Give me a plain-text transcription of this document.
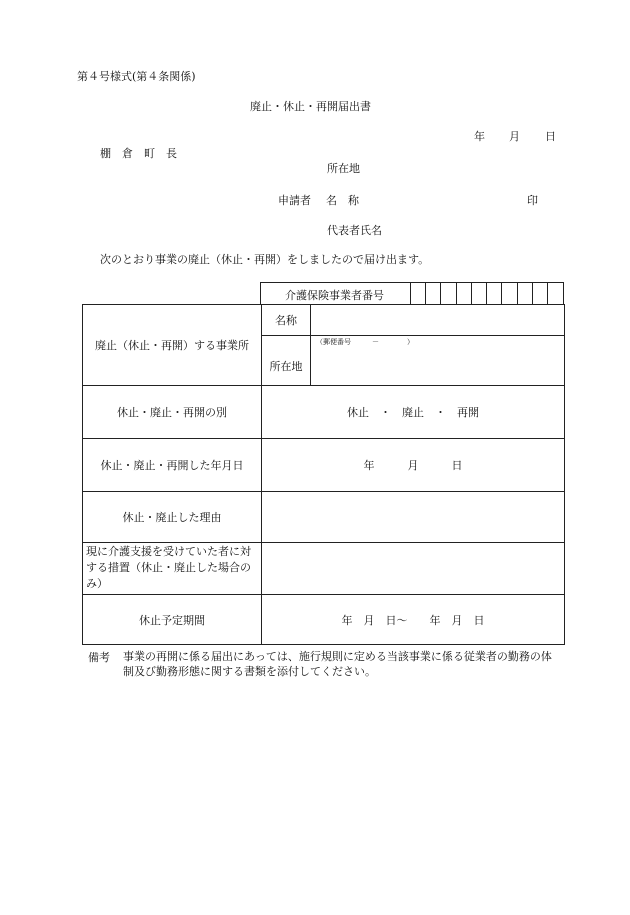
第４号様式(第４条関係)
廃止・休止・再開届出書
年 月 日
棚　倉　町　長
所在地
申請者 名　称	印
代表者氏名
次のとおり事業の廃止（休止・再開）をしましたので届け出ます。
介護保険事業者番号
廃止（休止・再開）する事業所
名称
所在地
（郵便番号　　　－　　　　）
休止・廃止・再開の別	休止　・　廃止　・　再開
休止・廃止・再開した年月日	年　　　月　　　日
休止・廃止した理由
現に介護支援を受けていた者に対する措置（休止・廃止した場合のみ）
休止予定期間	年　月　日～　　年　月　日
備考 事業の再開に係る届出にあっては、施行規則に定める当該事業に係る従業者の勤務の体制及び勤務形態に関する書類を添付してください。
